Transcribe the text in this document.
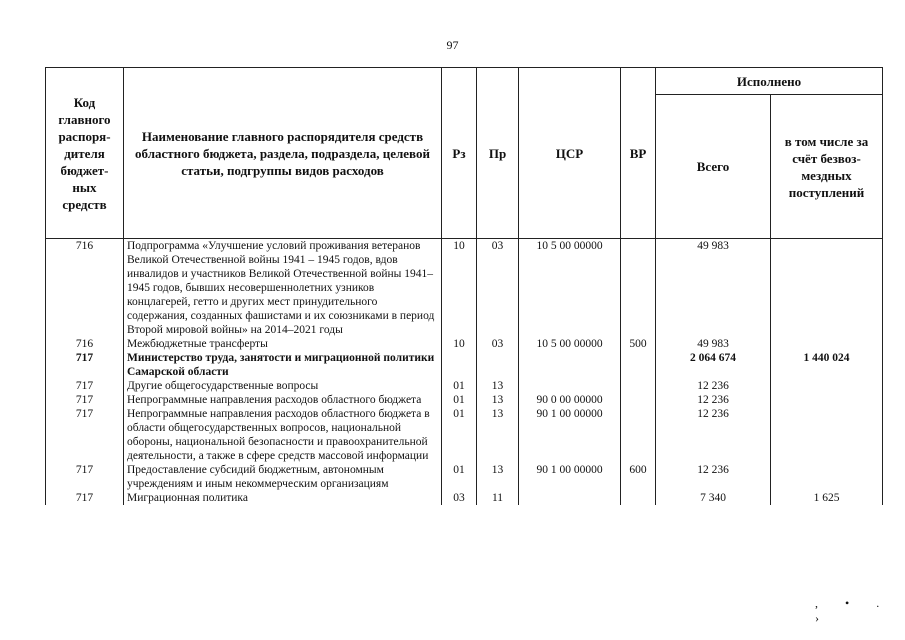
97
Код главного распоря-дителя бюджет-ных средств	Наименование главного распорядителя средств областного бюджета, раздела, подраздела, целевой статьи, подгруппы видов расходов	Рз	Пр	ЦСР	ВР	Исполнено	
						Всего	в том числе за счёт безвоз-мездных поступлений
716	Подпрограмма «Улучшение условий проживания ветеранов Великой Отечественной войны 1941 – 1945 годов, вдов инвалидов и участников Великой Отечественной войны 1941–1945 годов, бывших несовершеннолетних узников концлагерей, гетто и других мест принудительного содержания, созданных фашистами и их союзниками в период Второй мировой войны» на 2014–2021 годы	10	03	10 5 00 00000		49 983	
716	Межбюджетные трансферты	10	03	10 5 00 00000	500	49 983	
717	Министерство труда, занятости и миграционной политики Самарской области					2 064 674	1 440 024
717	Другие общегосударственные вопросы	01	13			12 236	
717	Непрограммные направления расходов областного бюджета	01	13	90 0 00 00000		12 236	
717	Непрограммные направления расходов областного бюджета в области общегосударственных вопросов, национальной обороны, национальной безопасности и правоохранительной деятельности, а также в сфере средств массовой информации	01	13	90 1 00 00000		12 236	
717	Предоставление субсидий бюджетным, автономным учреждениям и иным некоммерческим организациям	01	13	90 1 00 00000	600	12 236	
717	Миграционная политика	03	11			7 340	1 625
, • . ›
